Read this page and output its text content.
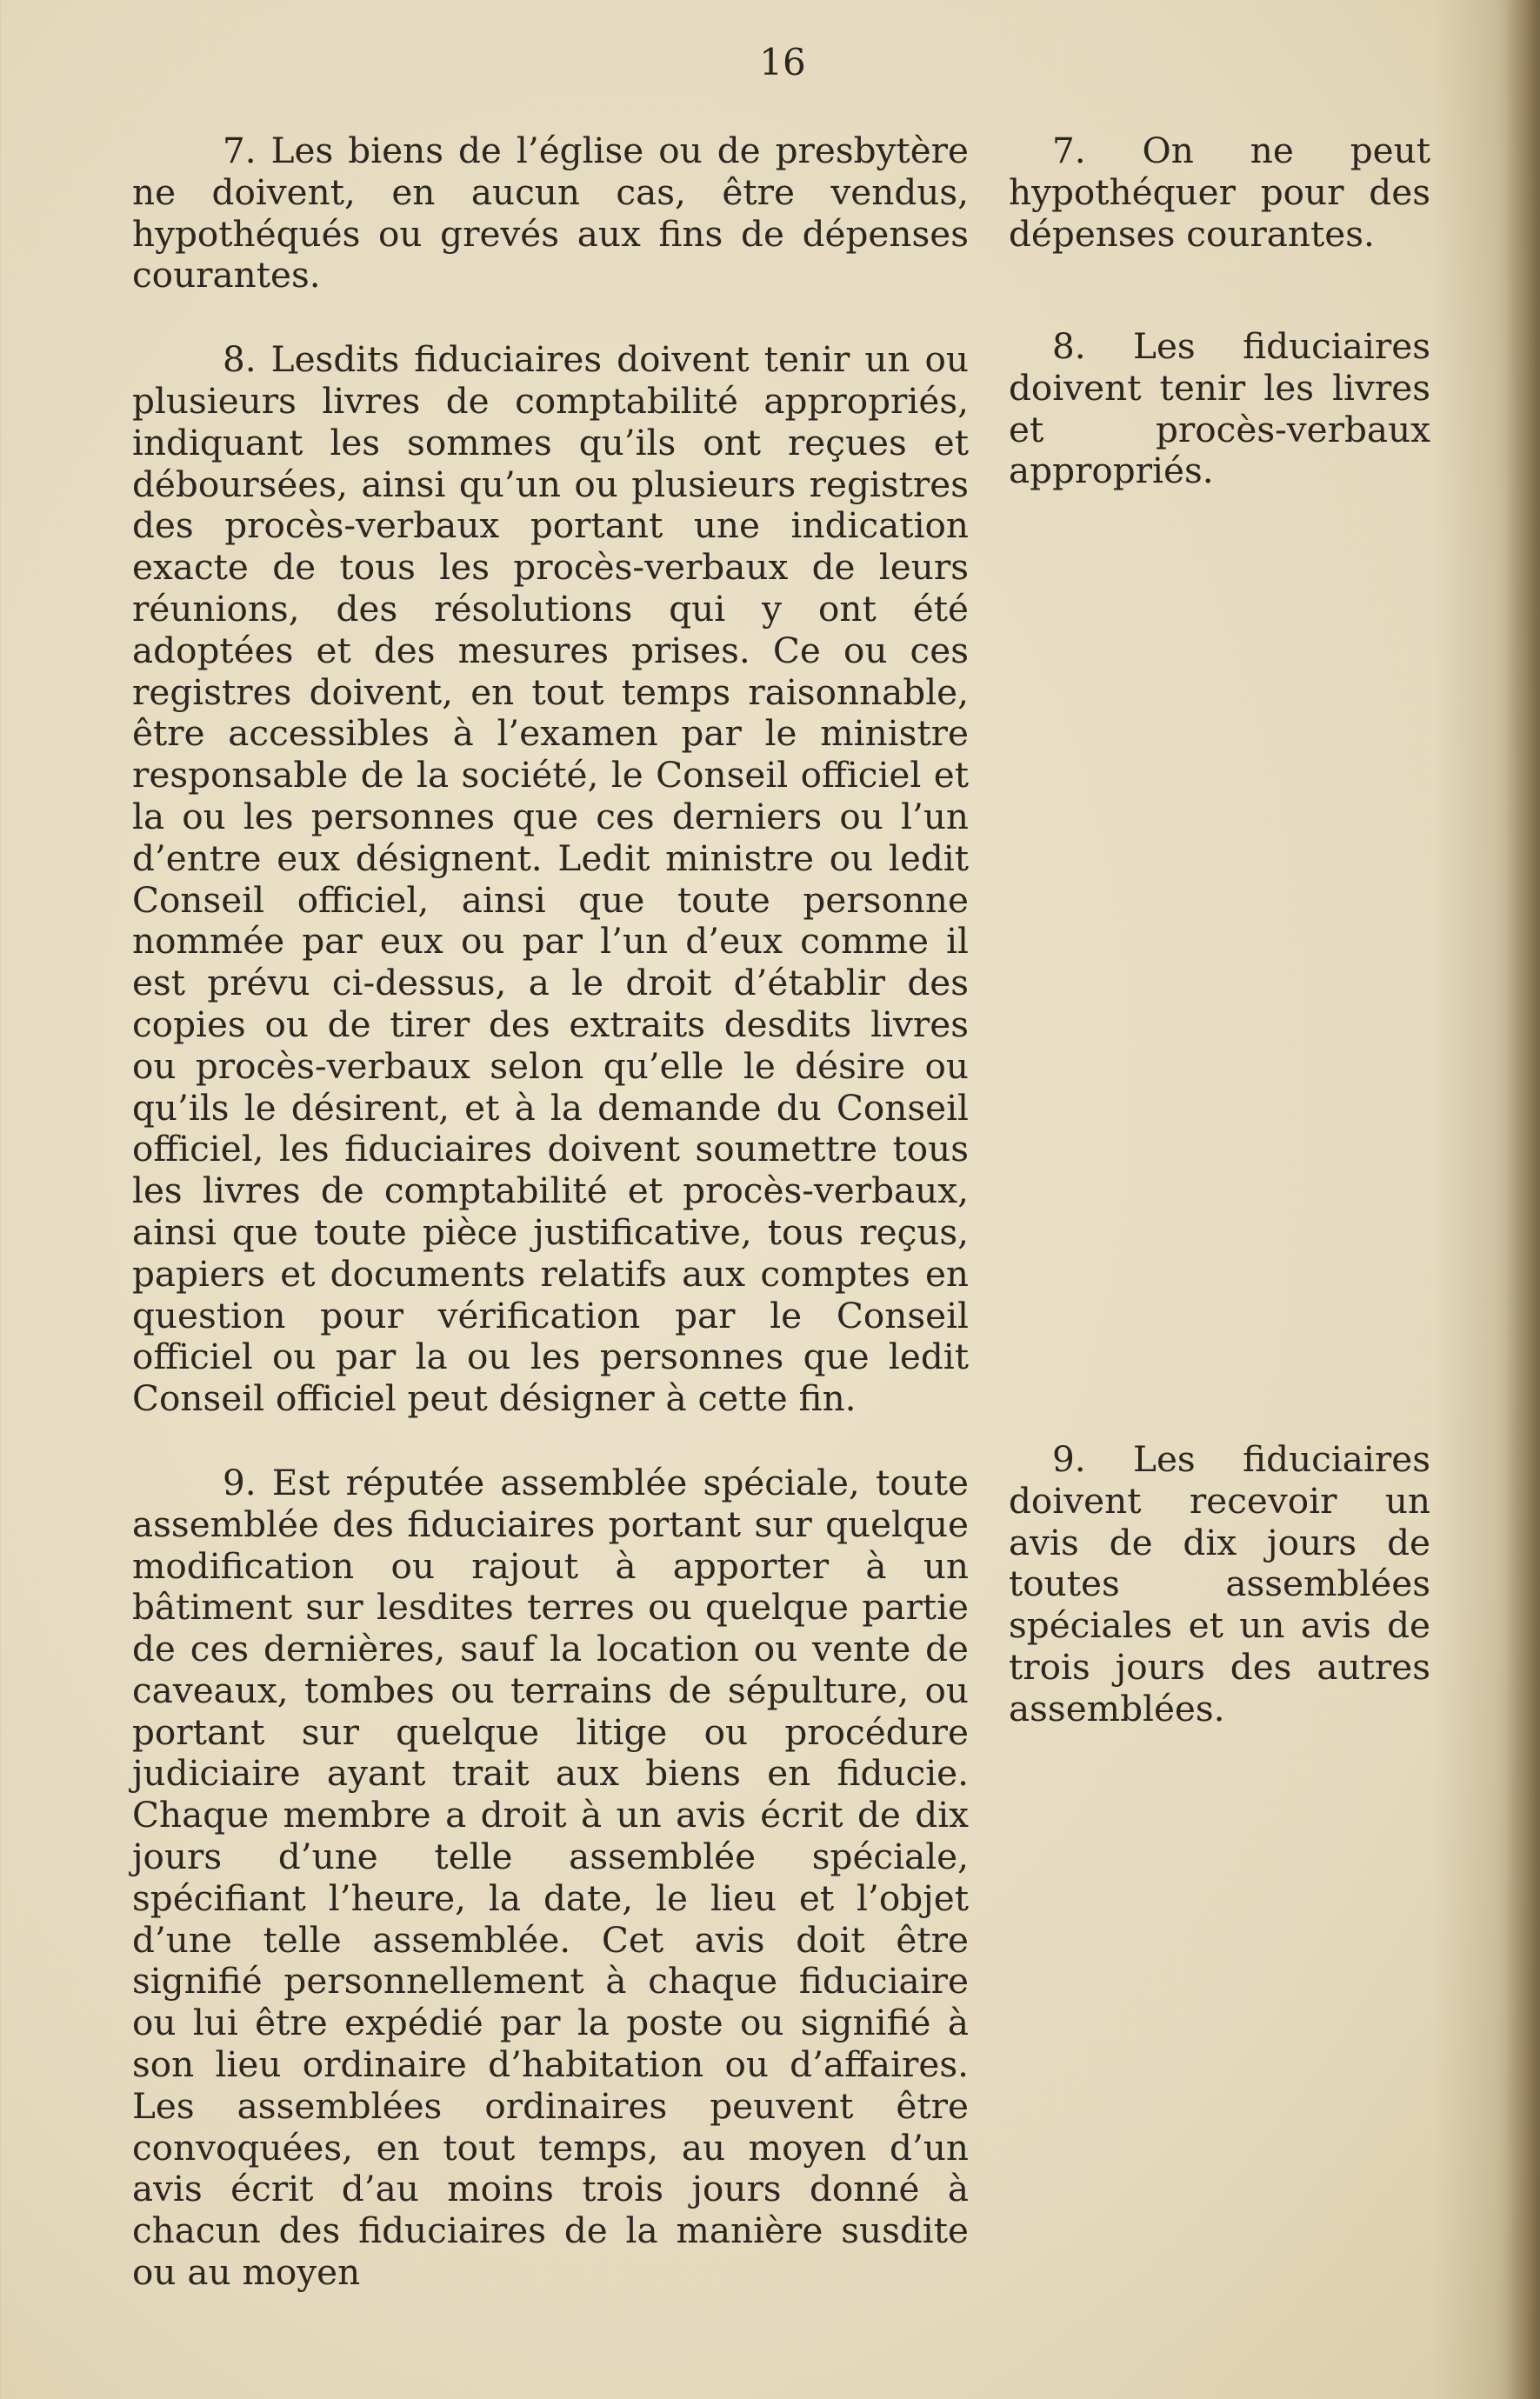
16

7. Les biens de l’église ou de presbytère ne doivent, en aucun cas, être vendus, hypothéqués ou grevés aux fins de dépenses courantes.

8. Lesdits fiduciaires doivent tenir un ou plusieurs livres de comptabilité appropriés, indiquant les sommes qu’ils ont reçues et déboursées, ainsi qu’un ou plusieurs registres des procès-verbaux portant une indication exacte de tous les procès-verbaux de leurs réunions, des résolutions qui y ont été adoptées et des mesures prises. Ce ou ces registres doivent, en tout temps raisonnable, être accessibles à l’examen par le ministre responsable de la société, le Conseil officiel et la ou les personnes que ces derniers ou l’un d’entre eux désignent. Ledit ministre ou ledit Conseil officiel, ainsi que toute personne nommée par eux ou par l’un d’eux comme il est prévu ci-dessus, a le droit d’établir des copies ou de tirer des extraits desdits livres ou procès-verbaux selon qu’elle le désire ou qu’ils le désirent, et à la demande du Conseil officiel, les fiduciaires doivent soumettre tous les livres de comptabilité et procès-verbaux, ainsi que toute pièce justificative, tous reçus, papiers et documents relatifs aux comptes en question pour vérification par le Conseil officiel ou par la ou les personnes que ledit Conseil officiel peut désigner à cette fin.

9. Est réputée assemblée spéciale, toute assemblée des fiduciaires portant sur quelque modification ou rajout à apporter à un bâtiment sur lesdites terres ou quelque partie de ces dernières, sauf la location ou vente de caveaux, tombes ou terrains de sépulture, ou portant sur quelque litige ou procédure judiciaire ayant trait aux biens en fiducie. Chaque membre a droit à un avis écrit de dix jours d’une telle assemblée spéciale, spécifiant l’heure, la date, le lieu et l’objet d’une telle assemblée. Cet avis doit être signifié personnellement à chaque fiduciaire ou lui être expédié par la poste ou signifié à son lieu ordinaire d’habitation ou d’affaires. Les assemblées ordinaires peuvent être convoquées, en tout temps, au moyen d’un avis écrit d’au moins trois jours donné à chacun des fiduciaires de la manière susdite ou au moyen

7. On ne peut hypothéquer pour des dépenses courantes.

8. Les fiduciaires doivent tenir les livres et procès-verbaux appropriés.

9. Les fiduciaires doivent recevoir un avis de dix jours de toutes assemblées spéciales et un avis de trois jours des autres assemblées.
